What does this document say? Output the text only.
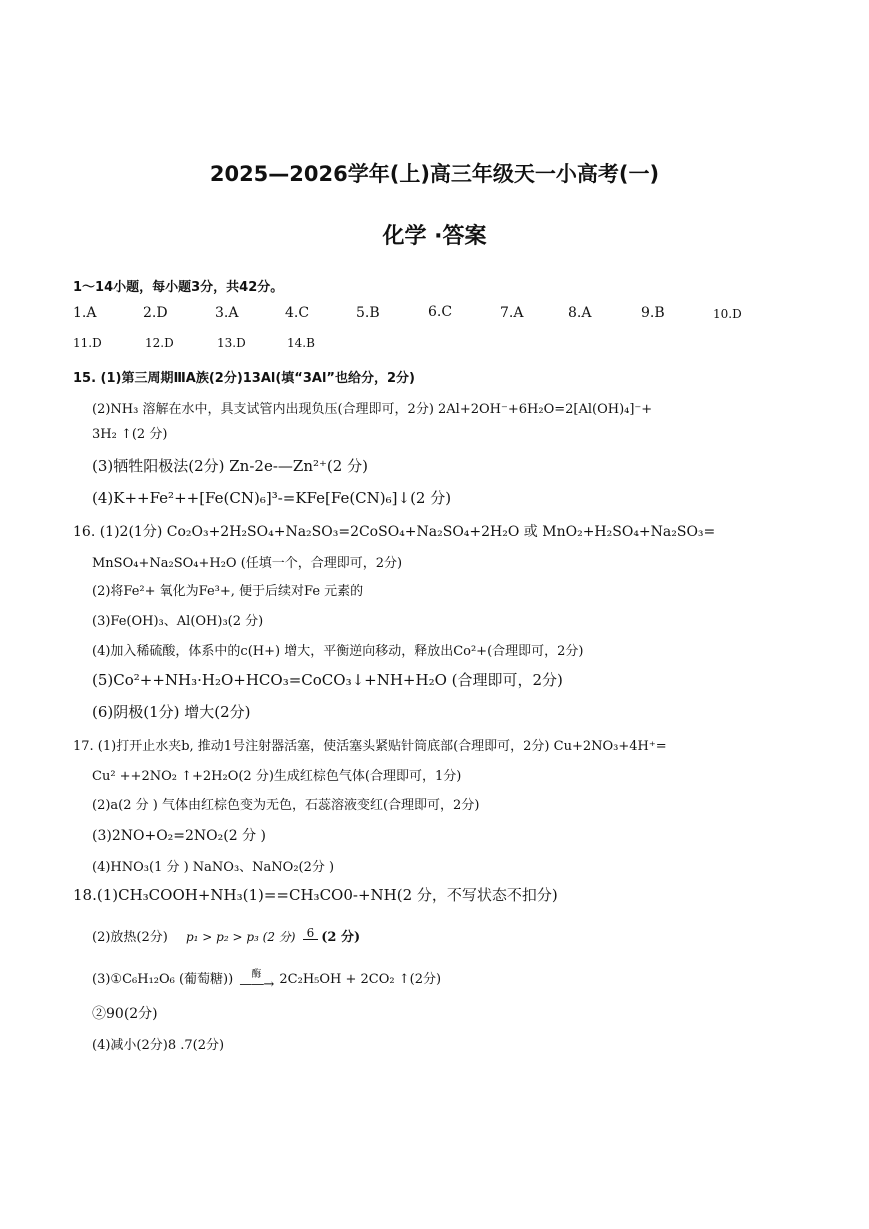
2025—2026学年(上)高三年级天一小高考(一)
化学 ·答案
1～14小题，每小题3分，共42分。
1.A	2.D	3.A	4.C	5.B	6.C	7.A	8.A	9.B	10.D
11.D	12.D	13.D	14.B
15. (1)第三周期ⅢA族(2分)13Al(填“3Al”也给分，2分)
(2)NH₃ 溶解在水中，具支试管内出现负压(合理即可，2分) 2Al+2OH⁻+6H₂O=2[Al(OH)₄]⁻+
3H₂ ↑(2 分)
(3)牺牲阳极法(2分) Zn-2e-—Zn²⁺(2 分)
(4)K++Fe²++[Fe(CN)₆]³-=KFe[Fe(CN)₆]↓(2 分)
16. (1)2(1分) Co₂O₃+2H₂SO₄+Na₂SO₃=2CoSO₄+Na₂SO₄+2H₂O 或 MnO₂+H₂SO₄+Na₂SO₃=
MnSO₄+Na₂SO₄+H₂O (任填一个，合理即可，2分)
(2)将Fe²+ 氧化为Fe³+, 便于后续对Fe 元素的
(3)Fe(OH)₃、Al(OH)₃(2 分)
(4)加入稀硫酸，体系中的c(H+) 增大，平衡逆向移动，释放出Co²+(合理即可，2分)
(5)Co²++NH₃·H₂O+HCO₃=CoCO₃↓+NH+H₂O (合理即可，2分)
(6)阴极(1分) 增大(2分)
17. (1)打开止水夹b, 推动1号注射器活塞，使活塞头紧贴针筒底部(合理即可，2分) Cu+2NO₃+4H⁺=
Cu² ++2NO₂ ↑+2H₂O(2 分)生成红棕色气体(合理即可，1分)
(2)a(2 分 ) 气体由红棕色变为无色，石蕊溶液变红(合理即可，2分)
(3)2NO+O₂=2NO₂(2 分 )
(4)HNO₃(1 分 ) NaNO₃、NaNO₂(2分 )
18.(1)CH₃COOH+NH₃(1)==CH₃CO0-+NH(2 分，不写状态不扣分)
(2)放热(2分) p₁ > p₂ > p₃ (2 分) 6 (2 分)
(3)①C₆H₁₂O₆ (葡萄糖)) 酶
——→ 2C₂H₅OH + 2CO₂ ↑(2分)
②90(2分)
(4)减小(2分)8 .7(2分)
